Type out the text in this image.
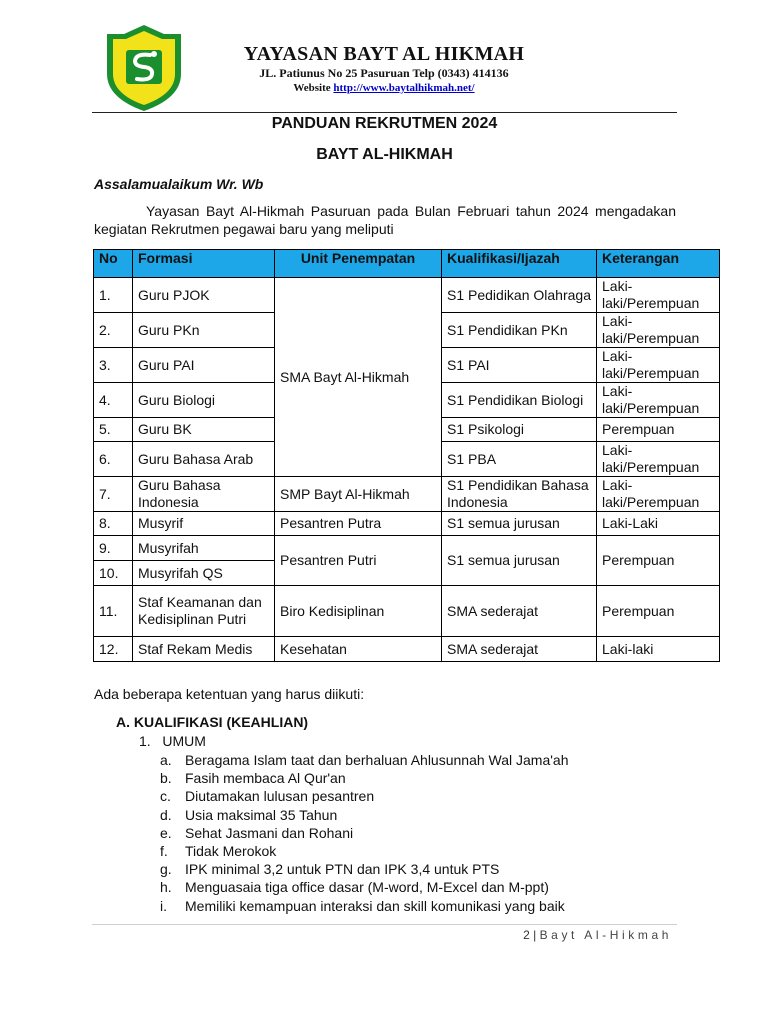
YAYASAN BAYT AL HIKMAH
JL. Patiunus No 25 Pasuruan Telp (0343) 414136
Website http://www.baytalhikmah.net/
PANDUAN REKRUTMEN 2024
BAYT AL-HIKMAH
Assalamualaikum Wr. Wb
Yayasan Bayt Al-Hikmah Pasuruan pada Bulan Februari tahun 2024 mengadakan kegiatan Rekrutmen pegawai baru yang meliputi
No	Formasi	Unit Penempatan	Kualifikasi/Ijazah	Keterangan
1.	Guru PJOK	SMA Bayt Al-Hikmah	S1 Pedidikan Olahraga	Laki-laki/Perempuan
2.	Guru PKn		S1 Pendidikan PKn	Laki-laki/Perempuan
3.	Guru PAI		S1 PAI	Laki-laki/Perempuan
4.	Guru Biologi		S1 Pendidikan Biologi	Laki-laki/Perempuan
5.	Guru BK		S1 Psikologi	Perempuan
6.	Guru Bahasa Arab		S1 PBA	Laki-laki/Perempuan
7.	Guru Bahasa Indonesia	SMP Bayt Al-Hikmah	S1 Pendidikan Bahasa Indonesia	Laki-laki/Perempuan
8.	Musyrif	Pesantren Putra	S1 semua jurusan	Laki-Laki
9.	Musyrifah	Pesantren Putri	S1 semua jurusan	Perempuan
10.	Musyrifah QS			
11.	Staf Keamanan dan Kedisiplinan Putri	Biro Kedisiplinan	SMA sederajat	Perempuan
12.	Staf Rekam Medis	Kesehatan	SMA sederajat	Laki-laki
Ada beberapa ketentuan yang harus diikuti:
A. KUALIFIKASI (KEAHLIAN)
1. UMUM
a. Beragama Islam taat dan berhaluan Ahlusunnah Wal Jama'ah
b. Fasih membaca Al Qur'an
c. Diutamakan lulusan pesantren
d. Usia maksimal 35 Tahun
e. Sehat Jasmani dan Rohani
f. Tidak Merokok
g. IPK minimal 3,2 untuk PTN dan IPK 3,4 untuk PTS
h. Menguasaia tiga office dasar (M-word, M-Excel dan M-ppt)
i. Memiliki kemampuan interaksi dan skill komunikasi yang baik
2 | Bayt Al-Hikmah
